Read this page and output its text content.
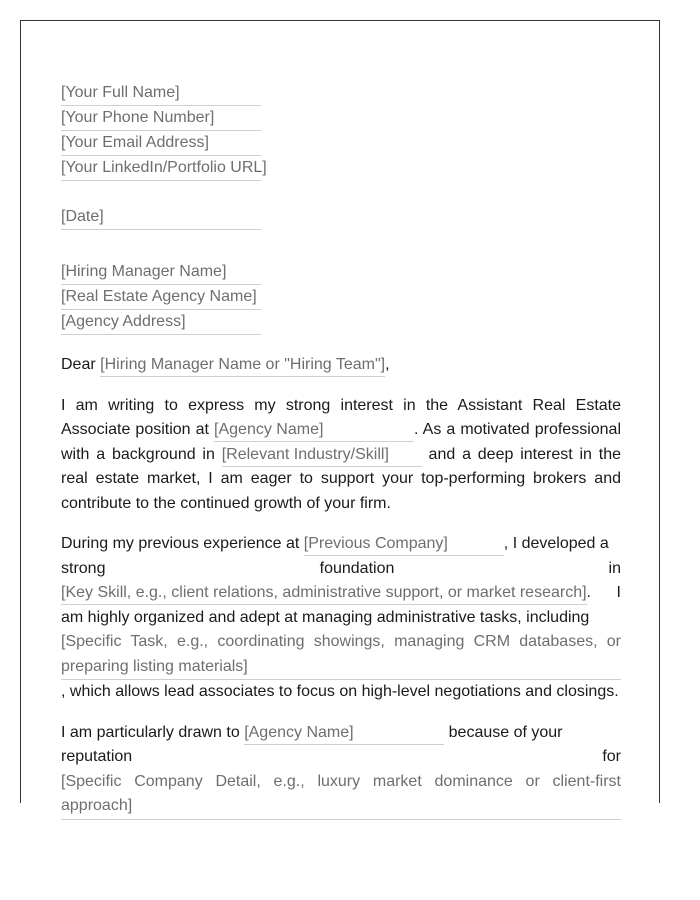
[Your Full Name]
[Your Phone Number]
[Your Email Address]
[Your LinkedIn/Portfolio URL]
[Date]
[Hiring Manager Name]
[Real Estate Agency Name]
[Agency Address]
Dear [Hiring Manager Name or "Hiring Team"],

I am writing to express my strong interest in the Assistant Real Estate Associate position at [Agency Name]	. As a motivated professional with a background in [Relevant Industry/Skill] and a deep interest in the real estate market, I am eager to support your top-performing brokers and contribute to the continued growth of your firm.

During my previous experience at [Previous Company]	, I developed a

strong	foundation	in

[Key Skill, e.g., client relations, administrative support, or market research]. I am highly organized and adept at managing administrative tasks, including

[Specific Task, e.g., coordinating showings, managing CRM databases, or preparing listing materials]

, which allows lead associates to focus on high-level negotiations and closings.

I am particularly drawn to [Agency Name]	because of your

reputation	for
[Specific Company Detail, e.g., luxury market dominance or client-first approach]
